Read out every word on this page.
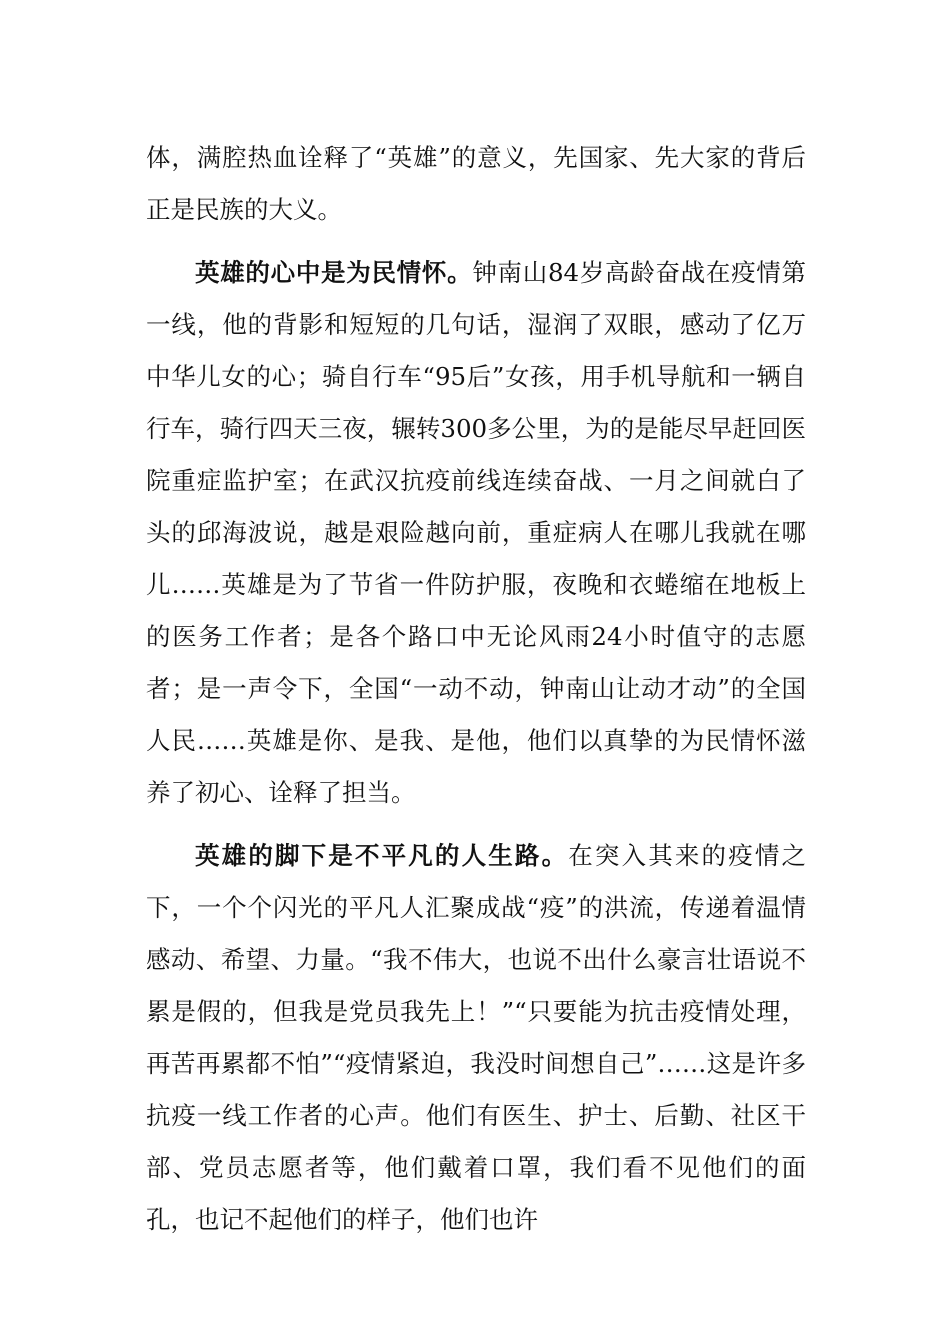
体，满腔热血诠释了“英雄”的意义，先国家、先大家的背后正是民族的大义。

英雄的心中是为民情怀。钟南山84岁高龄奋战在疫情第一线，他的背影和短短的几句话，湿润了双眼，感动了亿万中华儿女的心；骑自行车“95后”女孩，用手机导航和一辆自行车，骑行四天三夜，辗转300多公里，为的是能尽早赶回医院重症监护室；在武汉抗疫前线连续奋战、一月之间就白了头的邱海波说，越是艰险越向前，重症病人在哪儿我就在哪儿……英雄是为了节省一件防护服，夜晚和衣蜷缩在地板上的医务工作者；是各个路口中无论风雨24小时值守的志愿者；是一声令下，全国“一动不动，钟南山让动才动”的全国人民……英雄是你、是我、是他，他们以真挚的为民情怀滋养了初心、诠释了担当。

英雄的脚下是不平凡的人生路。在突入其来的疫情之下，一个个闪光的平凡人汇聚成战“疫”的洪流，传递着温情感动、希望、力量。“我不伟大，也说不出什么豪言壮语说不累是假的，但我是党员我先上！”“只要能为抗击疫情处理，再苦再累都不怕”“疫情紧迫，我没时间想自己”……这是许多抗疫一线工作者的心声。他们有医生、护士、后勤、社区干部、党员志愿者等，他们戴着口罩，我们看不见他们的面孔，也记不起他们的样子，他们也许
